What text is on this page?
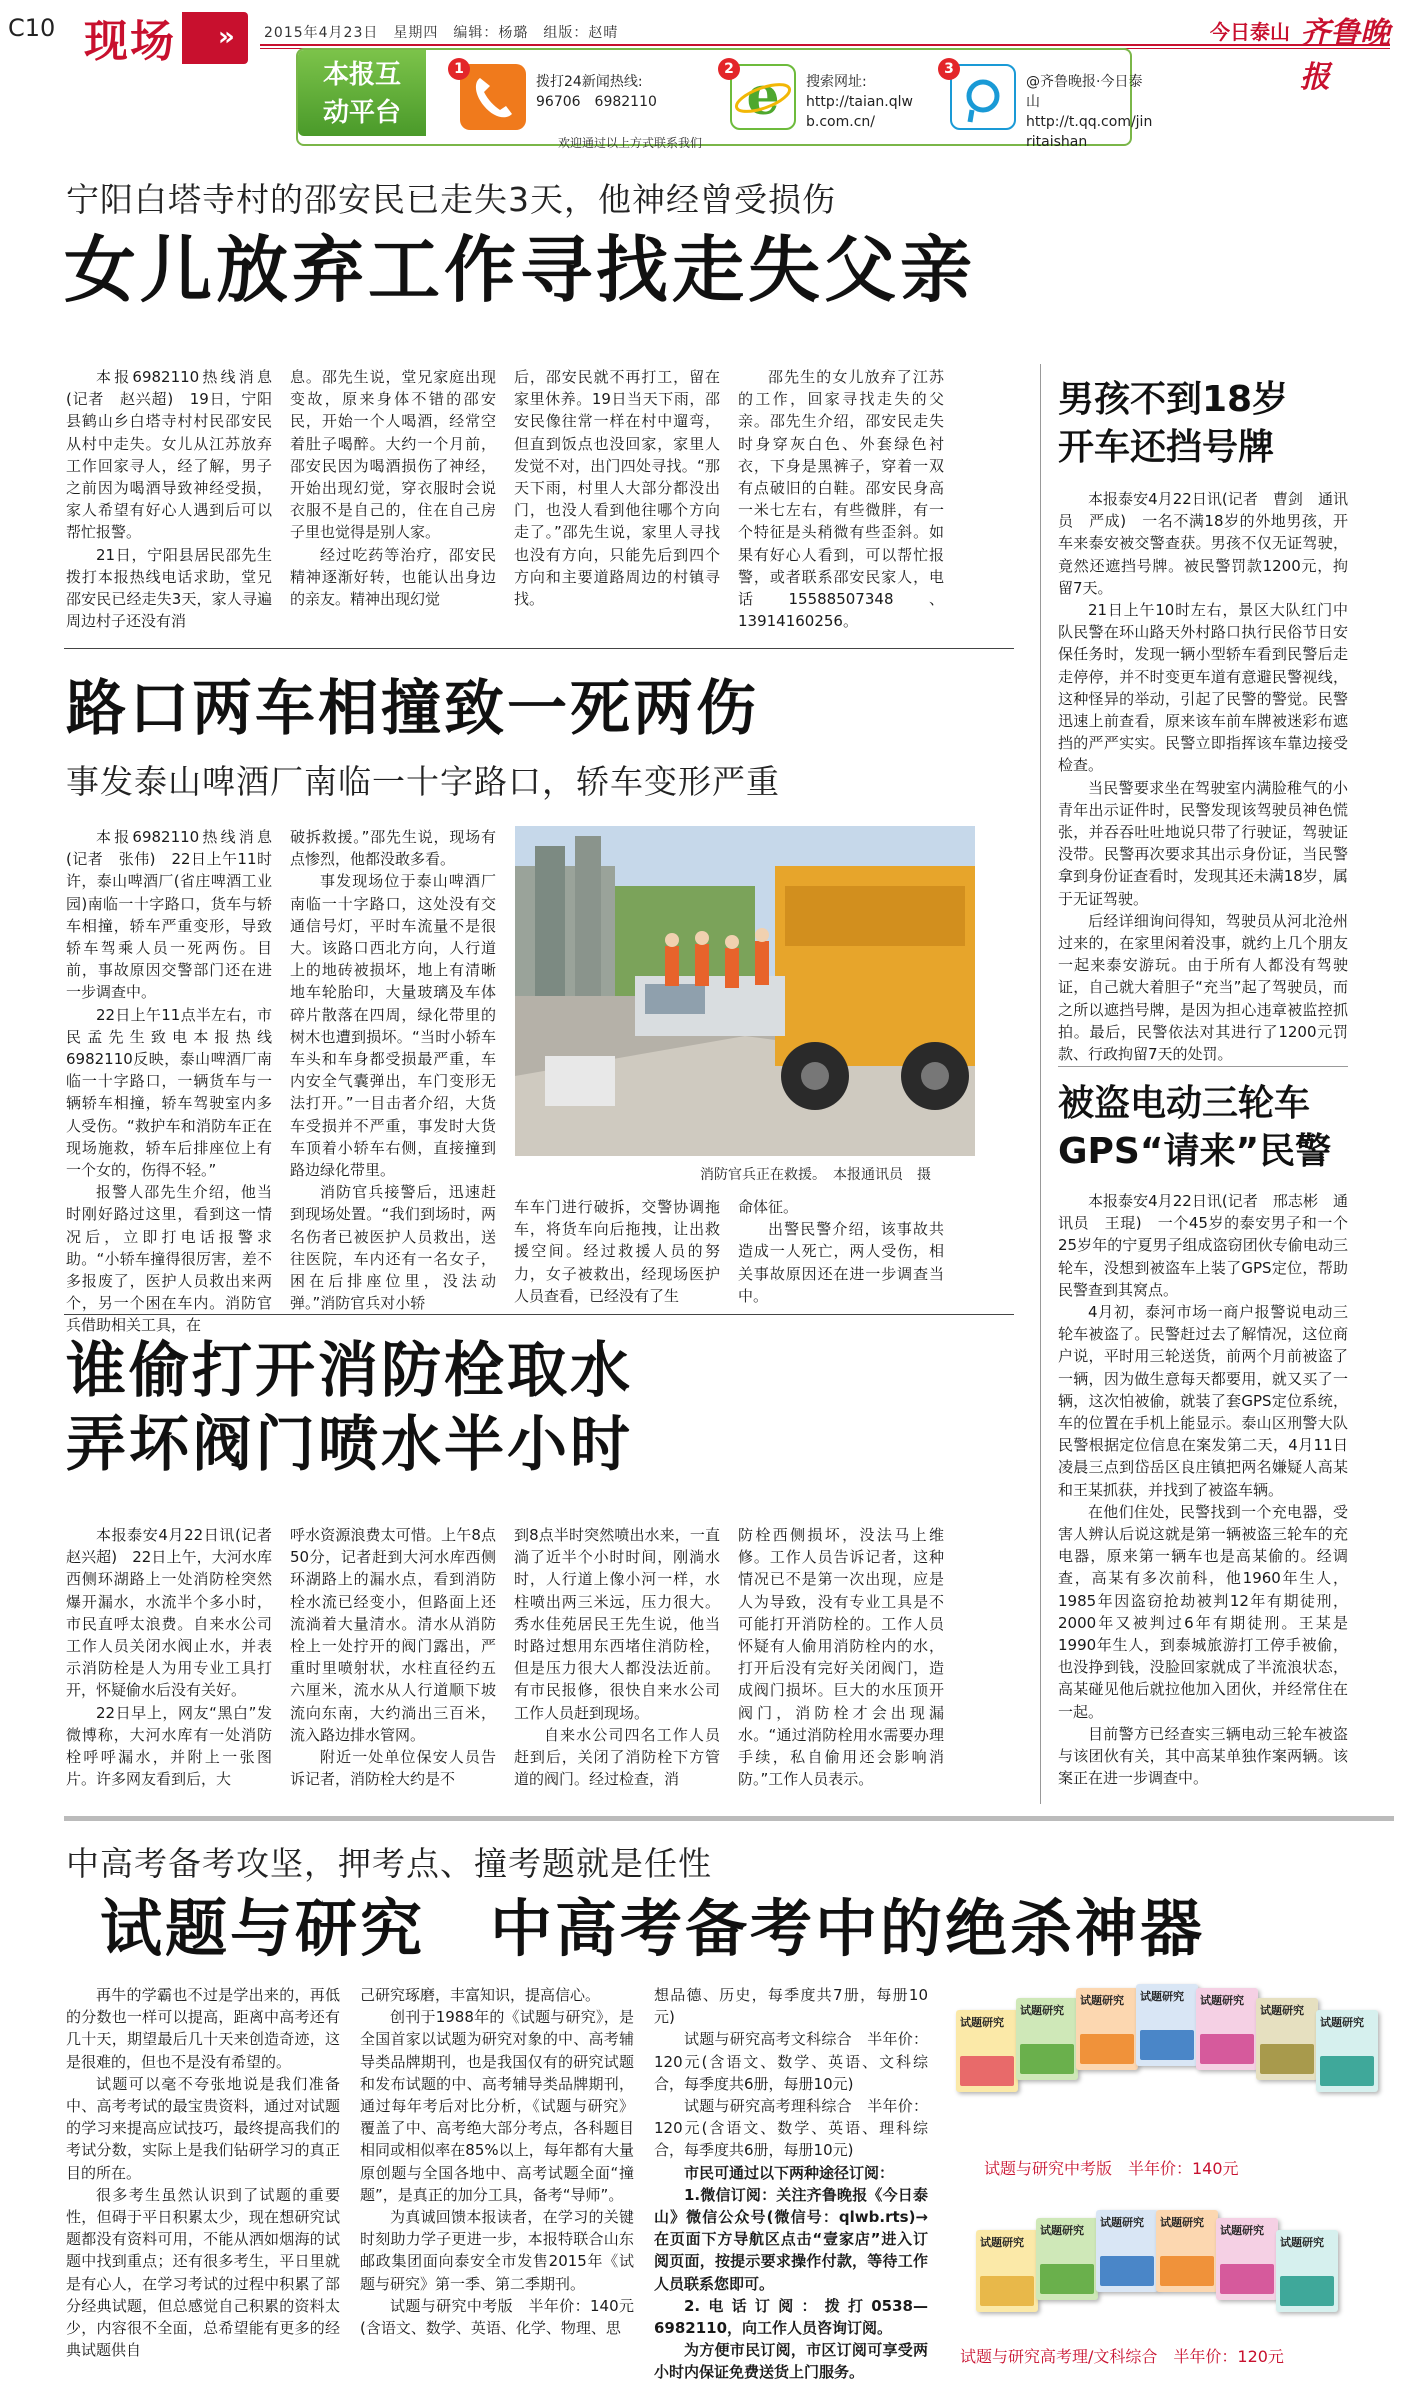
C10 现场 » 2015年4月23日　星期四　编辑：杨璐　组版：赵晴	今日泰山 齐鲁晚报
本报互
动平台
1
拨打24新闻热线:
96706　6982110 e
2
搜索网址:
http://taian.qlw
b.com.cn/
3
@齐鲁晚报·今日泰山
http://t.qq.com/jin
ritaishan
欢迎通过以上方式联系我们
宁阳白塔寺村的邵安民已走失3天，他神经曾受损伤
女儿放弃工作寻找走失父亲

本报6982110热线消息(记者　赵兴超)　19日，宁阳县鹤山乡白塔寺村村民邵安民从村中走失。女儿从江苏放弃工作回家寻人，经了解，男子之前因为喝酒导致神经受损，家人希望有好心人遇到后可以帮忙报警。

21日，宁阳县居民邵先生拨打本报热线电话求助，堂兄邵安民已经走失3天，家人寻遍周边村子还没有消

息。邵先生说，堂兄家庭出现变故，原来身体不错的邵安民，开始一个人喝酒，经常空着肚子喝醉。大约一个月前，邵安民因为喝酒损伤了神经，开始出现幻觉，穿衣服时会说衣服不是自己的，住在自己房子里也觉得是别人家。

经过吃药等治疗，邵安民精神逐渐好转，也能认出身边的亲友。精神出现幻觉

后，邵安民就不再打工，留在家里休养。19日当天下雨，邵安民像往常一样在村中遛弯，但直到饭点也没回家，家里人发觉不对，出门四处寻找。“那天下雨，村里人大部分都没出门，也没人看到他往哪个方向走了。”邵先生说，家里人寻找也没有方向，只能先后到四个方向和主要道路周边的村镇寻找。

邵先生的女儿放弃了江苏的工作，回家寻找走失的父亲。邵先生介绍，邵安民走失时身穿灰白色、外套绿色衬衣，下身是黑裤子，穿着一双有点破旧的白鞋。邵安民身高一米七左右，有些微胖，有一个特征是头稍微有些歪斜。如果有好心人看到，可以帮忙报警，或者联系邵安民家人，电话15588507348、13914160256。

男孩不到18岁
开车还挡号牌

本报泰安4月22日讯(记者　曹剑　通讯员　严成)　一名不满18岁的外地男孩，开车来泰安被交警查获。男孩不仅无证驾驶，竟然还遮挡号牌。被民警罚款1200元，拘留7天。

21日上午10时左右，景区大队红门中队民警在环山路天外村路口执行民俗节日安保任务时，发现一辆小型轿车看到民警后走走停停，并不时变更车道有意避民警视线，这种怪异的举动，引起了民警的警觉。民警迅速上前查看，原来该车前车牌被迷彩布遮挡的严严实实。民警立即指挥该车靠边接受检查。

当民警要求坐在驾驶室内满脸稚气的小青年出示证件时，民警发现该驾驶员神色慌张，并吞吞吐吐地说只带了行驶证，驾驶证没带。民警再次要求其出示身份证，当民警拿到身份证查看时，发现其还未满18岁，属于无证驾驶。

后经详细询问得知，驾驶员从河北沧州过来的，在家里闲着没事，就约上几个朋友一起来泰安游玩。由于所有人都没有驾驶证，自己就大着胆子“充当”起了驾驶员，而之所以遮挡号牌，是因为担心违章被监控抓拍。最后，民警依法对其进行了1200元罚款、行政拘留7天的处罚。

路口两车相撞致一死两伤
事发泰山啤酒厂南临一十字路口，轿车变形严重

本报6982110热线消息(记者　张伟)　22日上午11时许，泰山啤酒厂(省庄啤酒工业园)南临一十字路口，货车与轿车相撞，轿车严重变形，导致轿车驾乘人员一死两伤。目前，事故原因交警部门还在进一步调查中。

22日上午11点半左右，市民孟先生致电本报热线6982110反映，泰山啤酒厂南临一十字路口，一辆货车与一辆轿车相撞，轿车驾驶室内多人受伤。“救护车和消防车正在现场施救，轿车后排座位上有一个女的，伤得不轻。”

报警人邵先生介绍，他当时刚好路过这里，看到这一情况后，立即打电话报警求助。“小轿车撞得很厉害，差不多报废了，医护人员救出来两个，另一个困在车内。消防官兵借助相关工具，在

破拆救援。”邵先生说，现场有点惨烈，他都没敢多看。

事发现场位于泰山啤酒厂南临一十字路口，这处没有交通信号灯，平时车流量不是很大。该路口西北方向，人行道上的地砖被损坏，地上有清晰地车轮胎印，大量玻璃及车体碎片散落在四周，绿化带里的树木也遭到损坏。“当时小轿车车头和车身都受损最严重，车内安全气囊弹出，车门变形无法打开。”一目击者介绍，大货车受损并不严重，事发时大货车顶着小轿车右侧，直接撞到路边绿化带里。

消防官兵接警后，迅速赶到现场处置。“我们到场时，两名伤者已被医护人员救出，送往医院，车内还有一名女子，困在后排座位里，没法动弹。”消防官兵对小轿

消防官兵正在救援。　本报通讯员　摄

车车门进行破拆，交警协调拖车，将货车向后拖拽，让出救援空间。经过救援人员的努力，女子被救出，经现场医护人员查看，已经没有了生

命体征。

出警民警介绍，该事故共造成一人死亡，两人受伤，相关事故原因还在进一步调查当中。

被盗电动三轮车
GPS“请来”民警

本报泰安4月22日讯(记者　邢志彬　通讯员　王琨)　一个45岁的泰安男子和一个25岁年的宁夏男子组成盗窃团伙专偷电动三轮车，没想到被盗车上装了GPS定位，帮助民警查到其窝点。

4月初，泰河市场一商户报警说电动三轮车被盗了。民警赶过去了解情况，这位商户说，平时用三轮送货，前两个月前被盗了一辆，因为做生意每天都要用，就又买了一辆，这次怕被偷，就装了套GPS定位系统，车的位置在手机上能显示。泰山区刑警大队民警根据定位信息在案发第二天，4月11日凌晨三点到岱岳区良庄镇把两名嫌疑人高某和王某抓获，并找到了被盗车辆。

在他们住处，民警找到一个充电器，受害人辨认后说这就是第一辆被盗三轮车的充电器，原来第一辆车也是高某偷的。经调查，高某有多次前科，他1960年生人，1985年因盗窃抢劫被判12年有期徒刑，2000年又被判过6年有期徒刑。王某是1990年生人，到泰城旅游打工停手被偷，也没挣到钱，没脸回家就成了半流浪状态，高某碰见他后就拉他加入团伙，并经常住在一起。

目前警方已经查实三辆电动三轮车被盗与该团伙有关，其中高某单独作案两辆。该案正在进一步调查中。

谁偷打开消防栓取水
弄坏阀门喷水半小时

本报泰安4月22日讯(记者　赵兴超)　22日上午，大河水库西侧环湖路上一处消防栓突然爆开漏水，水流半个多小时，市民直呼太浪费。自来水公司工作人员关闭水阀止水，并表示消防栓是人为用专业工具打开，怀疑偷水后没有关好。

22日早上，网友“黑白”发微博称，大河水库有一处消防栓呼呼漏水，并附上一张图片。许多网友看到后，大

呼水资源浪费太可惜。上午8点50分，记者赶到大河水库西侧环湖路上的漏水点，看到消防栓水流已经变小，但路面上还流淌着大量清水。清水从消防栓上一处拧开的阀门露出，严重时里喷射状，水柱直径约五六厘米，流水从人行道顺下坡流向东南，大约淌出三百米，流入路边排水管网。

附近一处单位保安人员告诉记者，消防栓大约是不

到8点半时突然喷出水来，一直淌了近半个小时时间，刚淌水时，人行道上像小河一样，水柱喷出两三米远，压力很大。秀水佳苑居民王先生说，他当时路过想用东西堵住消防栓，但是压力很大人都没法近前。有市民报修，很快自来水公司工作人员赶到现场。

自来水公司四名工作人员赶到后，关闭了消防栓下方管道的阀门。经过检查，消

防栓西侧损坏，没法马上维修。工作人员告诉记者，这种情况已不是第一次出现，应是人为导致，没有专业工具是不可能打开消防栓的。工作人员怀疑有人偷用消防栓内的水，打开后没有完好关闭阀门，造成阀门损坏。巨大的水压顶开阀门，消防栓才会出现漏水。“通过消防栓用水需要办理手续，私自偷用还会影响消防。”工作人员表示。

中高考备考攻坚，押考点、撞考题就是任性
试题与研究　中高考备考中的绝杀神器

再牛的学霸也不过是学出来的，再低的分数也一样可以提高，距离中高考还有几十天，期望最后几十天来创造奇迹，这是很难的，但也不是没有希望的。

试题可以毫不夸张地说是我们准备中、高考考试的最宝贵资料，通过对试题的学习来提高应试技巧，最终提高我们的考试分数，实际上是我们钻研学习的真正目的所在。

很多考生虽然认识到了试题的重要性，但碍于平日积累太少，现在想研究试题都没有资料可用，不能从洒如烟海的试题中找到重点；还有很多考生，平日里就是有心人，在学习考试的过程中积累了部分经典试题，但总感觉自己积累的资料太少，内容很不全面，总希望能有更多的经典试题供自

己研究琢磨，丰富知识，提高信心。

创刊于1988年的《试题与研究》，是全国首家以试题为研究对象的中、高考辅导类品牌期刊，也是我国仅有的研究试题和发布试题的中、高考辅导类品牌期刊，通过每年考后对比分析，《试题与研究》覆盖了中、高考绝大部分考点，各科题目相同或相似率在85%以上，每年都有大量原创题与全国各地中、高考试题全面“撞题”，是真正的加分工具，备考“导师”。

为真诚回馈本报读者，在学习的关键时刻助力学子更进一步，本报特联合山东邮政集团面向泰安全市发售2015年《试题与研究》第一季、第二季期刊。

试题与研究中考版　半年价：140元(含语文、数学、英语、化学、物理、思

想品德、历史，每季度共7册，每册10元)

试题与研究高考文科综合　半年价：120元(含语文、数学、英语、文科综合，每季度共6册，每册10元)

试题与研究高考理科综合　半年价：120元(含语文、数学、英语、理科综合，每季度共6册，每册10元)

市民可通过以下两种途径订阅：

1.微信订阅：关注齐鲁晚报《今日泰山》微信公众号(微信号：qlwb.rts)→在页面下方导航区点击“壹家店”进入订阅页面，按提示要求操作付款，等待工作人员联系您即可。

2.电话订阅：拨打0538—6982110，向工作人员咨询订阅。

为方便市民订阅，市区订阅可享受两小时内保证免费送货上门服务。

试题研究
试题研究
试题研究	试题研究	试题研究
试题研究
试题研究
试题与研究中考版　半年价：140元
试题研究
试题研究
试题研究	试题研究
试题研究
试题研究
试题与研究高考理/文科综合　半年价：120元
